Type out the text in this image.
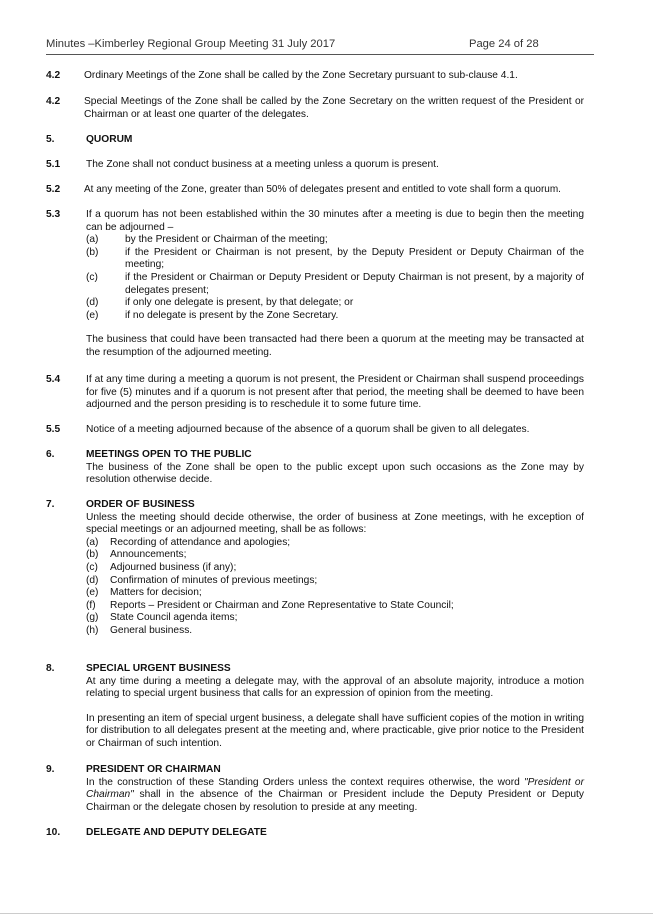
Minutes –Kimberley Regional Group Meeting 31 July 2017	Page 24 of 28
4.2 Ordinary Meetings of the Zone shall be called by the Zone Secretary pursuant to sub-clause 4.1.
4.2 Special Meetings of the Zone shall be called by the Zone Secretary on the written request of the President or Chairman or at least one quarter of the delegates.
5.	QUORUM
5.1	The Zone shall not conduct business at a meeting unless a quorum is present.
5.2 At any meeting of the Zone, greater than 50% of delegates present and entitled to vote shall form a quorum.
5.3	If a quorum has not been established within the 30 minutes after a meeting is due to begin then the meeting can be adjourned –
(a)	by the President or Chairman of the meeting;
(b)	if the President or Chairman is not present, by the Deputy President or Deputy Chairman of the meeting;
(c)	if the President or Chairman or Deputy President or Deputy Chairman is not present, by a majority of delegates present;
(d)	if only one delegate is present, by that delegate; or
(e)	if no delegate is present by the Zone Secretary.
The business that could have been transacted had there been a quorum at the meeting may be transacted at the resumption of the adjourned meeting.
5.4	If at any time during a meeting a quorum is not present, the President or Chairman shall suspend proceedings for five (5) minutes and if a quorum is not present after that period, the meeting shall be deemed to have been adjourned and the person presiding is to reschedule it to some future time.
5.5	Notice of a meeting adjourned because of the absence of a quorum shall be given to all delegates.
6.	MEETINGS OPEN TO THE PUBLIC
The business of the Zone shall be open to the public except upon such occasions as the Zone may by resolution otherwise decide.
7.	ORDER OF BUSINESS
Unless the meeting should decide otherwise, the order of business at Zone meetings, with he exception of special meetings or an adjourned meeting, shall be as follows:
(a) Recording of attendance and apologies;
(b) Announcements;
(c) Adjourned business (if any);
(d) Confirmation of minutes of previous meetings;
(e) Matters for decision;
(f) Reports – President or Chairman and Zone Representative to State Council;
(g) State Council agenda items;
(h) General business.
8.	SPECIAL URGENT BUSINESS
At any time during a meeting a delegate may, with the approval of an absolute majority, introduce a motion relating to special urgent business that calls for an expression of opinion from the meeting.
In presenting an item of special urgent business, a delegate shall have sufficient copies of the motion in writing for distribution to all delegates present at the meeting and, where practicable, give prior notice to the President or Chairman of such intention.
9.	PRESIDENT OR CHAIRMAN
In the construction of these Standing Orders unless the context requires otherwise, the word "President or Chairman" shall in the absence of the Chairman or President include the Deputy President or Deputy Chairman or the delegate chosen by resolution to preside at any meeting.
10.	DELEGATE AND DEPUTY DELEGATE
